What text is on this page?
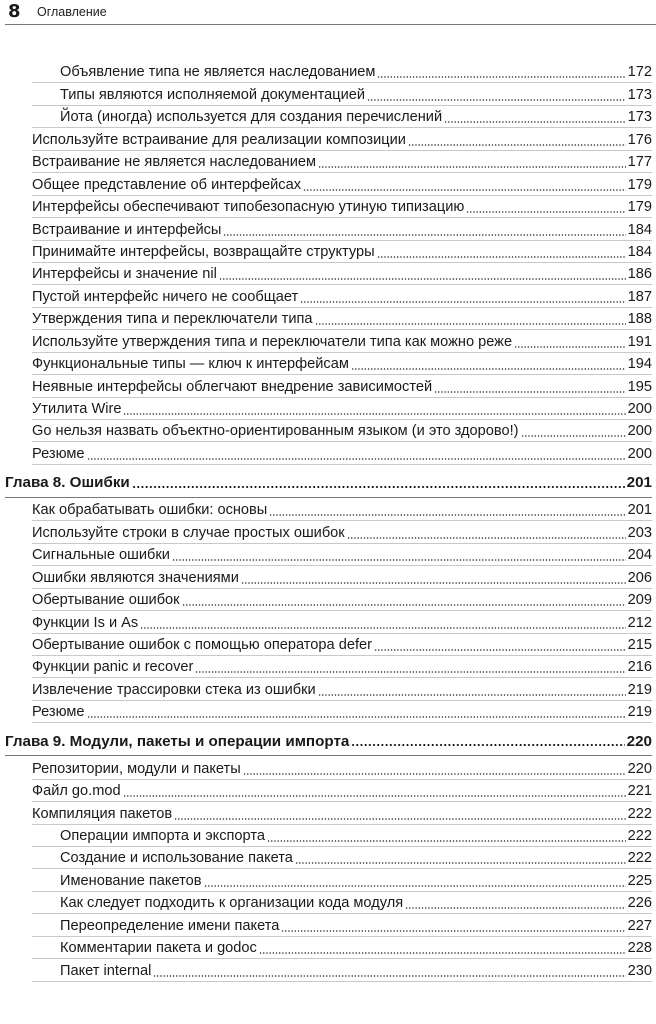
8 Оглавление
Объявление типа не является наследованием	172
Типы являются исполняемой документацией	173
Йота (иногда) используется для создания перечислений	173
Используйте встраивание для реализации композиции	176
Встраивание не является наследованием	177
Общее представление об интерфейсах	179
Интерфейсы обеспечивают типобезопасную утиную типизацию	179
Встраивание и интерфейсы	184
Принимайте интерфейсы, возвращайте структуры	184
Интерфейсы и значение nil	186
Пустой интерфейс ничего не сообщает	187
Утверждения типа и переключатели типа	188
Используйте утверждения типа и переключатели типа как можно реже	191
Функциональные типы — ключ к интерфейсам	194
Неявные интерфейсы облегчают внедрение зависимостей	195
Утилита Wire	200
Go нельзя назвать объектно-ориентированным языком (и это здорово!)	200
Резюме	200
Глава 8. Ошибки	201
Как обрабатывать ошибки: основы	201
Используйте строки в случае простых ошибок	203
Сигнальные ошибки	204
Ошибки являются значениями	206
Обертывание ошибок	209
Функции Is и As	212
Обертывание ошибок с помощью оператора defer	215
Функции panic и recover	216
Извлечение трассировки стека из ошибки	219
Резюме	219
Глава 9. Модули, пакеты и операции импорта	220
Репозитории, модули и пакеты	220
Файл go.mod	221
Компиляция пакетов	222
Операции импорта и экспорта	222
Создание и использование пакета	222
Именование пакетов	225
Как следует подходить к организации кода модуля	226
Переопределение имени пакета	227
Комментарии пакета и godoc	228
Пакет internal	230
